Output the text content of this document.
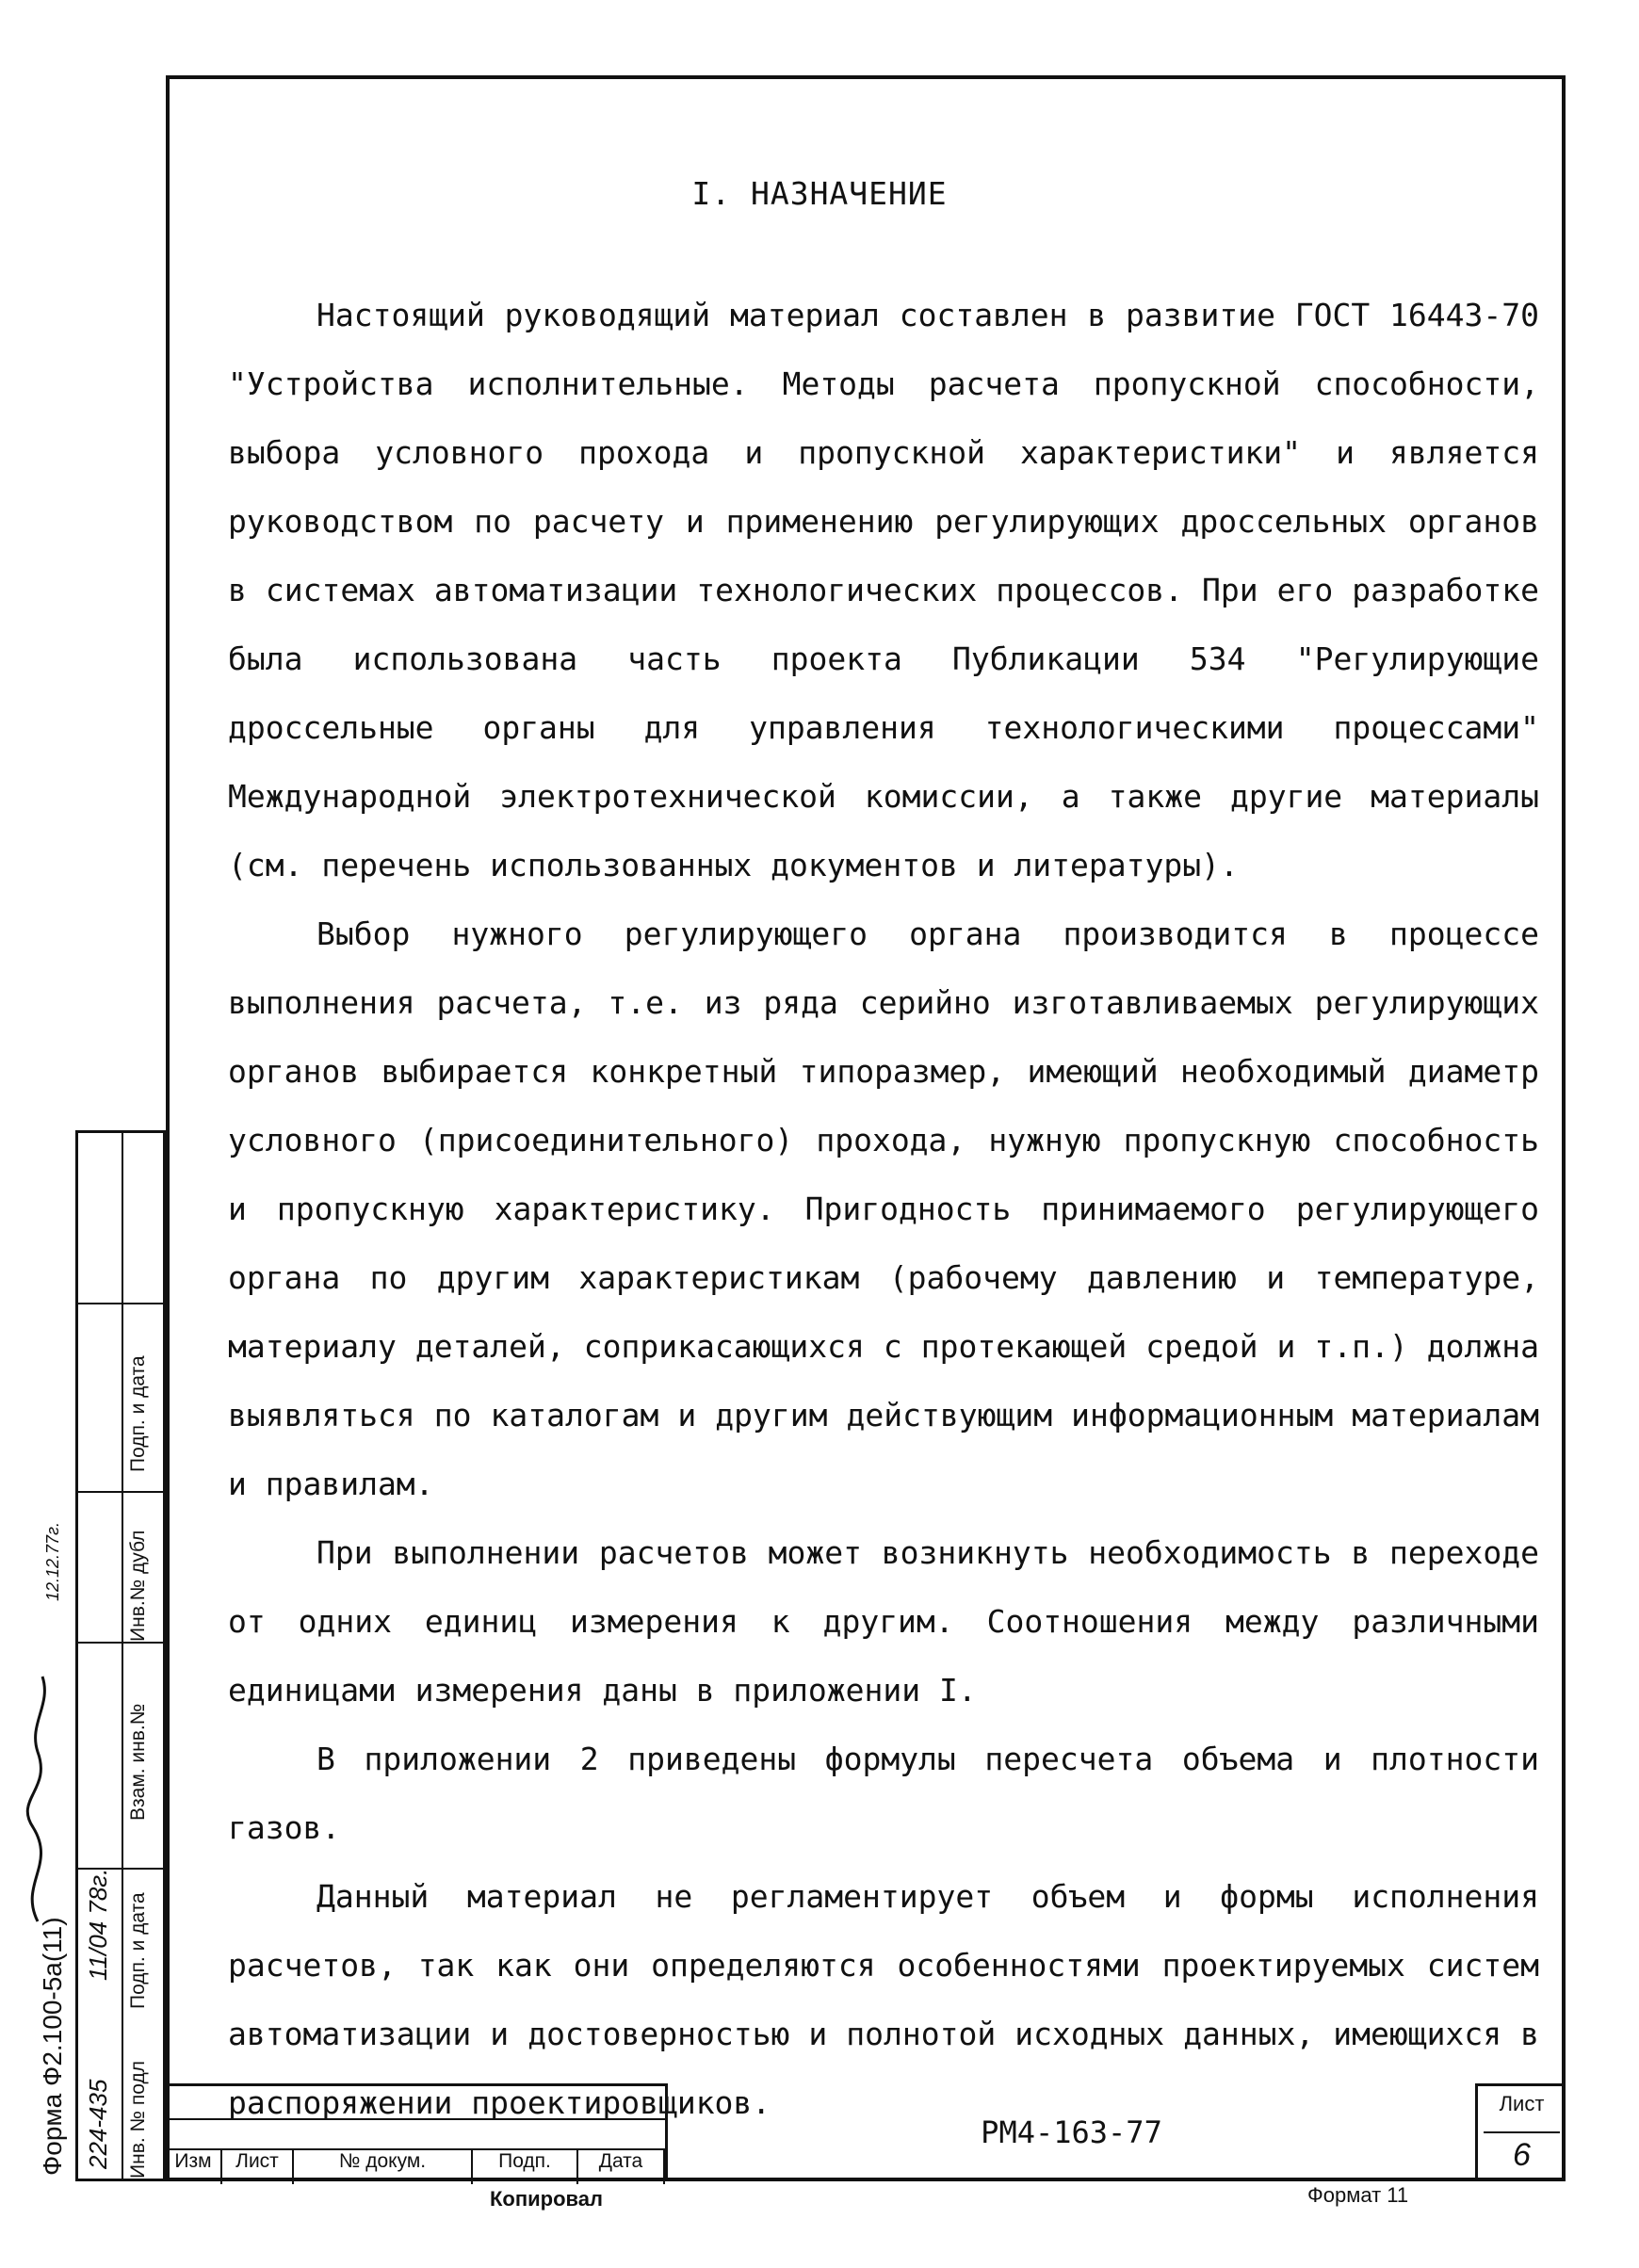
I. НАЗНАЧЕНИЕ

Настоящий руководящий материал составлен в развитие ГОСТ 16443-70 "Устройства исполнительные. Методы расчета пропускной способности, выбора условного прохода и пропускной характеристики" и является руководством по расчету и применению регулирующих дроссельных органов в системах автоматизации технологических процессов. При его разработке была использована часть проекта Публикации 534 "Регулирующие дроссельные органы для управления технологическими процессами" Международной электротехнической комиссии, а также другие материалы (см. перечень использованных документов и литературы).

Выбор нужного регулирующего органа производится в процессе выполнения расчета, т.е. из ряда серийно изготавливаемых регулирующих органов выбирается конкретный типоразмер, имеющий необходимый диаметр условного (присоединительного) прохода, нужную пропускную способность и пропускную характеристику. Пригодность принимаемого регулирующего органа по другим характеристикам (рабочему давлению и температуре, материалу деталей, соприкасающихся с протекающей средой и т.п.) должна выявляться по каталогам и другим действующим информационным материалам и правилам.

При выполнении расчетов может возникнуть необходимость в переходе от одних единиц измерения к другим. Соотношения между различными единицами измерения даны в приложении I.

В приложении 2 приведены формулы пересчета объема и плотности газов.

Данный материал не регламентирует объем и формы исполнения расчетов, так как они определяются особенностями проектируемых систем автоматизации и достоверностью и полнотой исходных данных, имеющихся в распоряжении проектировщиков.

Инв. № подл
Подп. и дата
Взам. инв.№
Инв.№ дубл
Подп. и дата
224-435
11/04 78г.
12.12.77г.
Форма Ф2.100-5а(11)	Изм	Лист	№ докум.	Подп.	Дата
РМ4-163-77
Лист
6
Копировал	Формат 11
